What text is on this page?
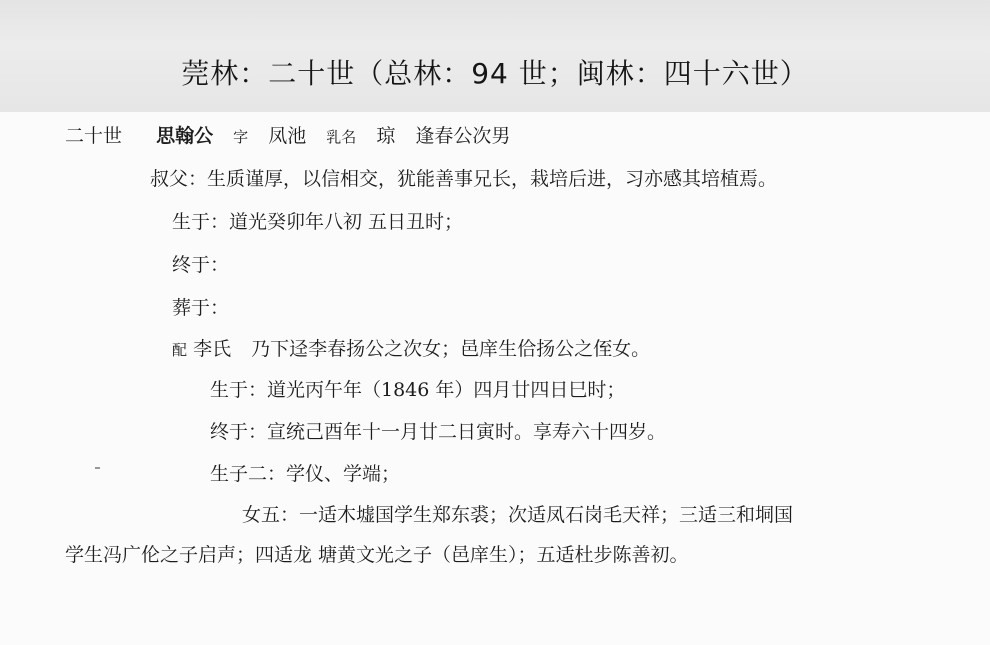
莞林：二十世（总林：94 世；闽林：四十六世）
二十世 思翰公 字 凤池 乳名 琼 逢春公次男
叔父：生质谨厚，以信相交，犹能善事兄长，栽培后进，习亦感其培植焉。
生于：道光癸卯年八初 五日丑时；
终于：
葬于：
配 李氏 乃下迳李春扬公之次女；邑庠生佮扬公之侄女。
生于：道光丙午年（1846 年）四月廿四日巳时；
终于：宣统己酉年十一月廿二日寅时。享寿六十四岁。
生子二：学仪、学端；
女五：一适木墟国学生郑东裘；次适凤石岗毛天祥；三适三和垌国
学生冯广伦之子启声；四适龙 塘黄文光之子（邑庠生）；五适杜步陈善初。
